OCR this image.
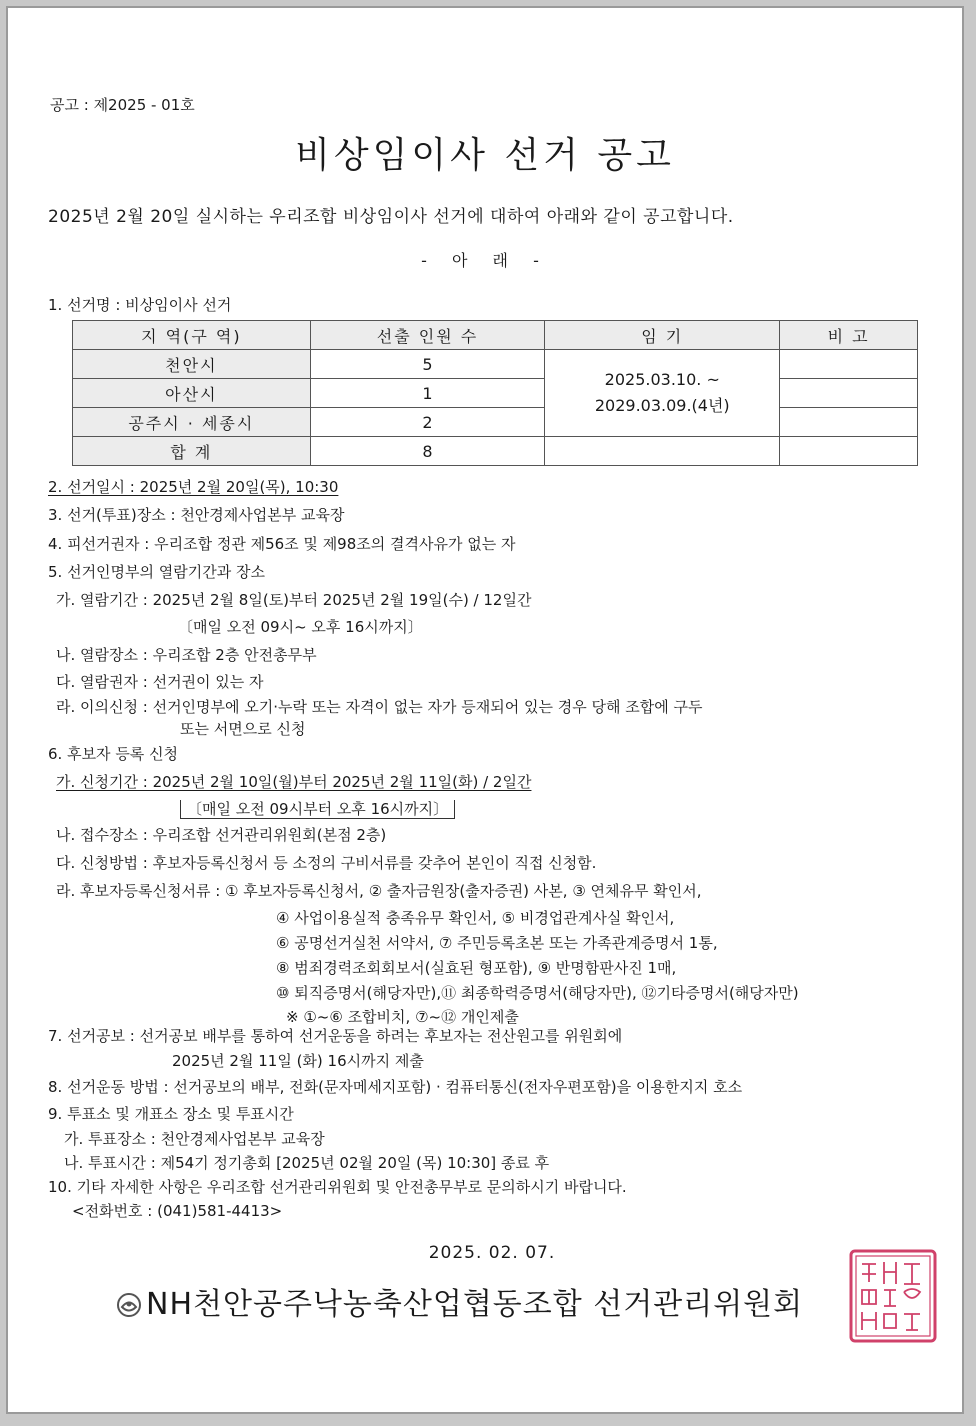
공고 : 제2025 - 01호
비상임이사 선거 공고
2025년 2월 20일 실시하는 우리조합 비상임이사 선거에 대하여 아래와 같이 공고합니다.
- 아 래 -
1. 선거명 : 비상임이사 선거
지 역(구 역)	선출 인원 수	임 기	비 고
천안시	5	2025.03.10. ~
2029.03.09.(4년)	

아산시	1		
공주시 · 세종시	2		
합 계	8		
2. 선거일시 : 2025년 2월 20일(목), 10:30
3. 선거(투표)장소 : 천안경제사업본부 교육장
4. 피선거권자 : 우리조합 정관 제56조 및 제98조의 결격사유가 없는 자
5. 선거인명부의 열람기간과 장소
가. 열람기간 : 2025년 2월 8일(토)부터 2025년 2월 19일(수) / 12일간
〔매일 오전 09시~ 오후 16시까지〕
나. 열람장소 : 우리조합 2층 안전총무부
다. 열람권자 : 선거권이 있는 자
라. 이의신청 : 선거인명부에 오기·누락 또는 자격이 없는 자가 등재되어 있는 경우 당해 조합에 구두
또는 서면으로 신청
6. 후보자 등록 신청
가. 신청기간 : 2025년 2월 10일(월)부터 2025년 2월 11일(화) / 2일간
〔매일 오전 09시부터 오후 16시까지〕
나. 접수장소 : 우리조합 선거관리위원회(본점 2층)
다. 신청방법 : 후보자등록신청서 등 소정의 구비서류를 갖추어 본인이 직접 신청함.
라. 후보자등록신청서류 : ① 후보자등록신청서, ② 출자금원장(출자증권) 사본, ③ 연체유무 확인서,
④ 사업이용실적 충족유무 확인서, ⑤ 비경업관계사실 확인서,
⑥ 공명선거실천 서약서, ⑦ 주민등록초본 또는 가족관계증명서 1통,
⑧ 범죄경력조회회보서(실효된 형포함), ⑨ 반명함판사진 1매,
⑩ 퇴직증명서(해당자만),⑪ 최종학력증명서(해당자만), ⑫기타증명서(해당자만)
※ ①~⑥ 조합비치, ⑦~⑫ 개인제출
7. 선거공보 : 선거공보 배부를 통하여 선거운동을 하려는 후보자는 전산원고를 위원회에
2025년 2월 11일 (화) 16시까지 제출
8. 선거운동 방법 : 선거공보의 배부, 전화(문자메세지포함) · 컴퓨터통신(전자우편포함)을 이용한지지 호소
9. 투표소 및 개표소 장소 및 투표시간
가. 투표장소 : 천안경제사업본부 교육장
나. 투표시간 : 제54기 정기총회 [2025년 02월 20일 (목) 10:30] 종료 후
10. 기타 자세한 사항은 우리조합 선거관리위원회 및 안전총무부로 문의하시기 바랍니다.
<전화번호 : (041)581-4413>
2025. 02. 07.
NH천안공주낙농축산업협동조합 선거관리위원회
